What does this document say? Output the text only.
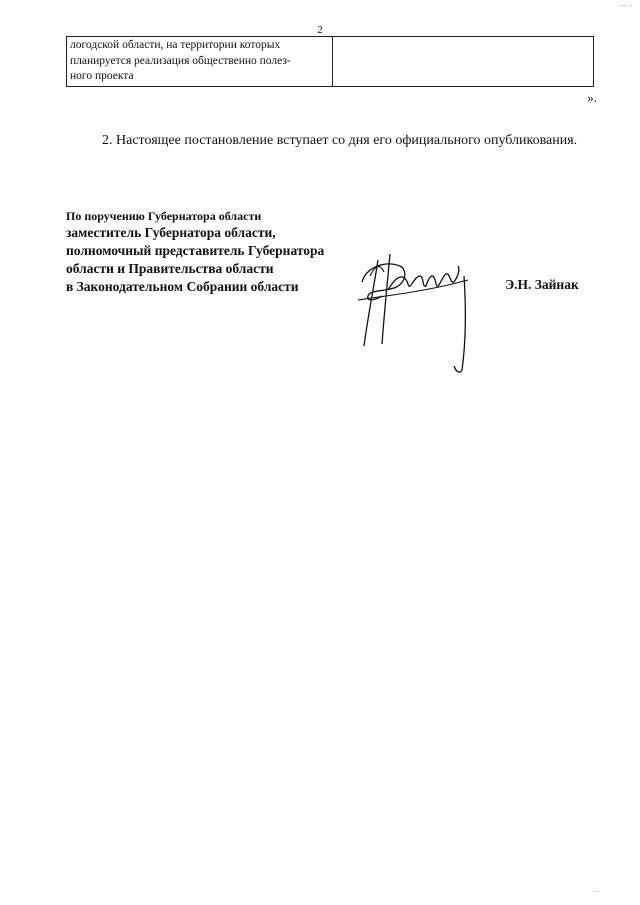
2
логодской области, на территории которых
планируется реализация общественно полез-
ного проекта

».

2. Настоящее постановление вступает со дня его официального опубликования.

По поручению Губернатора области
заместитель Губернатора области,
полномочный представитель Губернатора
области и Правительства области
в Законодательном Собрании области	Э.Н. Зайнак
..,.. ,
...
